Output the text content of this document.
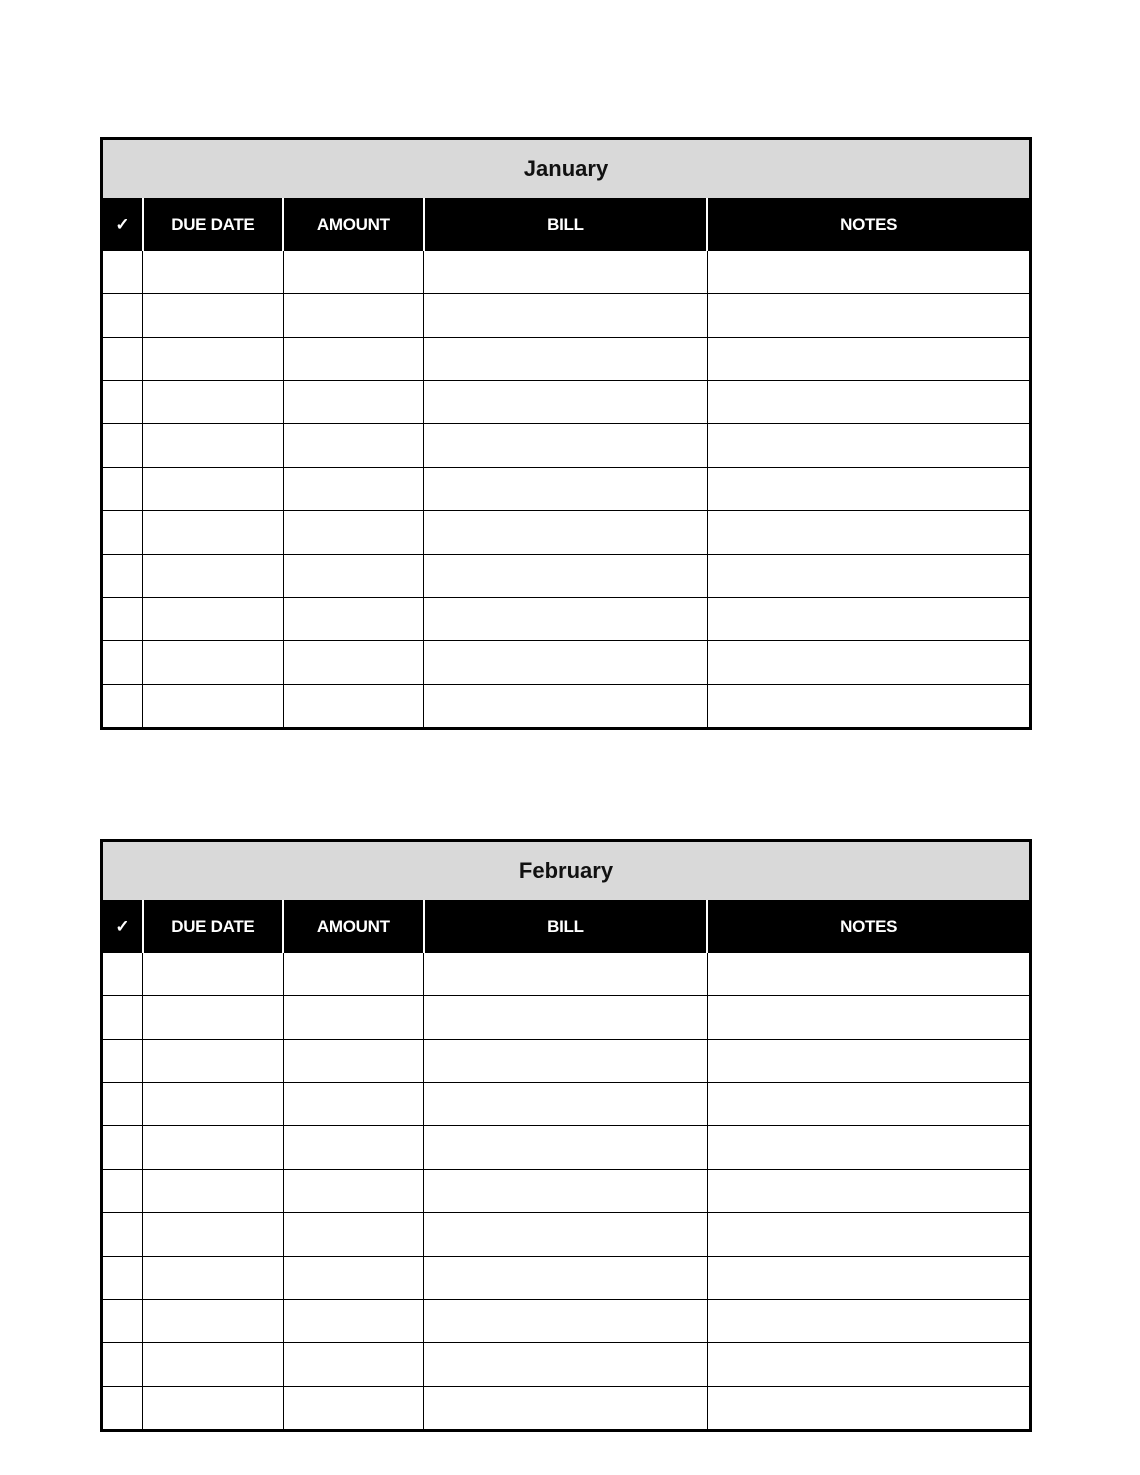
January				
✓	DUE DATE	AMOUNT	BILL	NOTES

February				
✓	DUE DATE	AMOUNT	BILL	NOTES
